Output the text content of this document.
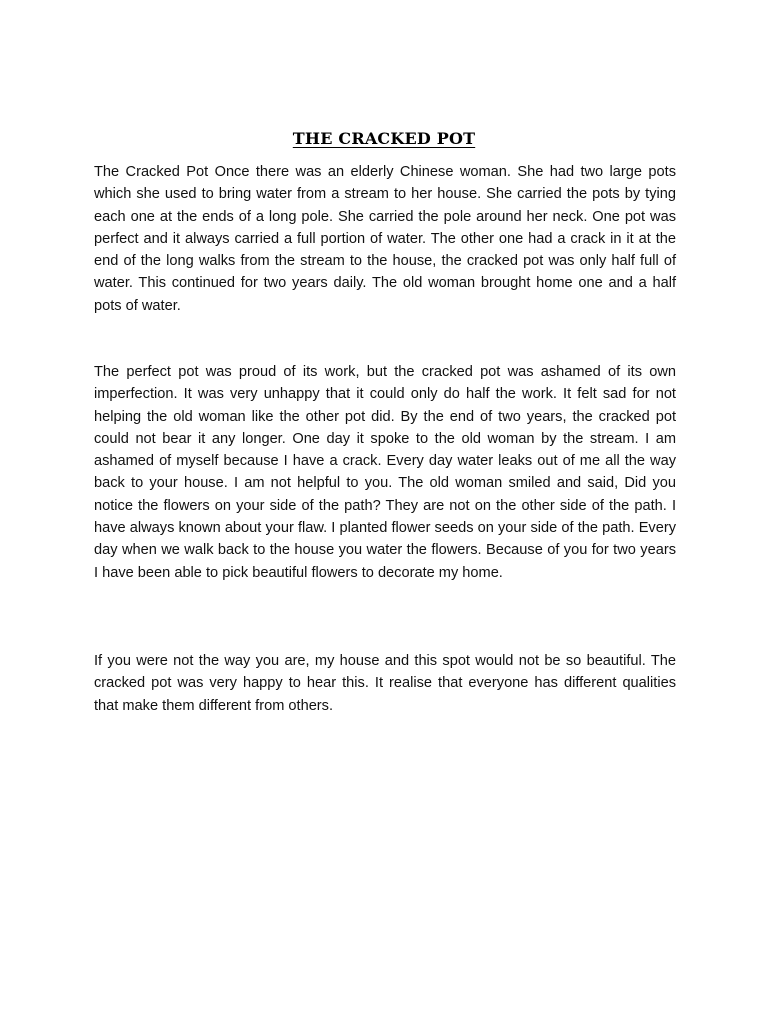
THE CRACKED POT

The Cracked Pot Once there was an elderly Chinese woman. She had two large pots which she used to bring water from a stream to her house. She carried the pots by tying each one at the ends of a long pole. She carried the pole around her neck. One pot was perfect and it always carried a full portion of water. The other one had a crack in it at the end of the long walks from the stream to the house, the cracked pot was only half full of water. This continued for two years daily. The old woman brought home one and a half pots of water.

The perfect pot was proud of its work, but the cracked pot was ashamed of its own imperfection. It was very unhappy that it could only do half the work. It felt sad for not helping the old woman like the other pot did. By the end of two years, the cracked pot could not bear it any longer. One day it spoke to the old woman by the stream. I am ashamed of myself because I have a crack. Every day water leaks out of me all the way back to your house. I am not helpful to you. The old woman smiled and said, Did you notice the flowers on your side of the path? They are not on the other side of the path. I have always known about your flaw. I planted flower seeds on your side of the path. Every day when we walk back to the house you water the flowers. Because of you for two years I have been able to pick beautiful flowers to decorate my home.

If you were not the way you are, my house and this spot would not be so beautiful. The cracked pot was very happy to hear this. It realise that everyone has different qualities that make them different from others.
